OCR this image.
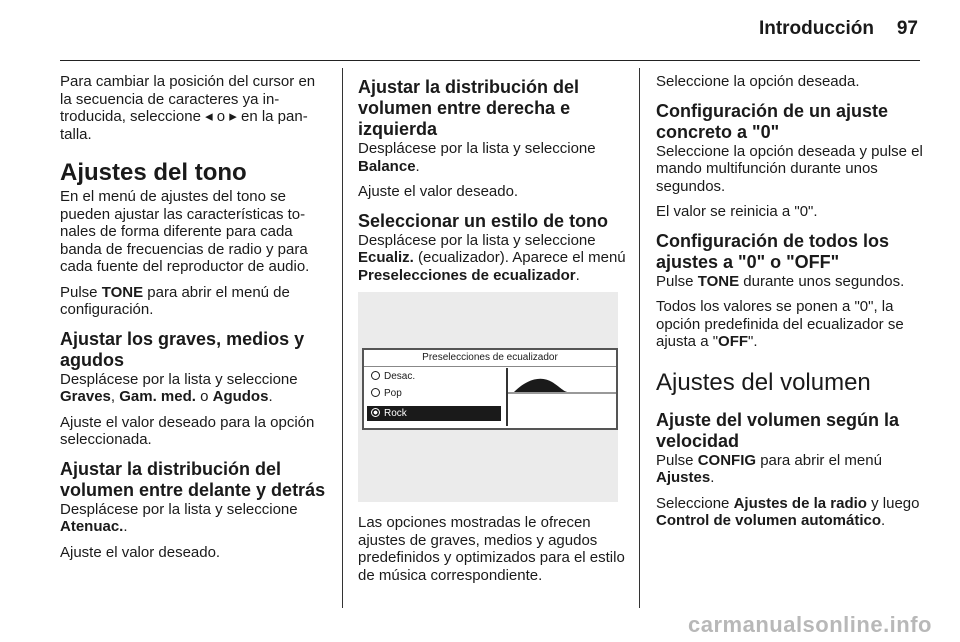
Introducción 97

Para cambiar la posición del cursor en la secuencia de caracteres ya introducida, seleccione ◂ o ▸ en la pantalla.

Ajustes del tono

En el menú de ajustes del tono se pueden ajustar las características tonales de forma diferente para cada banda de frecuencias de radio y para cada fuente del reproductor de audio.

Pulse TONE para abrir el menú de configuración.

Ajustar los graves, medios y agudos

Desplácese por la lista y seleccione Graves, Gam. med. o Agudos.

Ajuste el valor deseado para la opción seleccionada.

Ajustar la distribución del volumen entre delante y detrás

Desplácese por la lista y seleccione Atenuac..

Ajuste el valor deseado.

Ajustar la distribución del volumen entre derecha e izquierda

Desplácese por la lista y seleccione Balance.

Ajuste el valor deseado.

Seleccionar un estilo de tono

Desplácese por la lista y seleccione Ecualiz. (ecualizador). Aparece el menú Preselecciones de ecualizador.

Preselecciones de ecualizador
Desac.
Pop
Rock

Las opciones mostradas le ofrecen ajustes de graves, medios y agudos predefinidos y optimizados para el estilo de música correspondiente.

Seleccione la opción deseada.

Configuración de un ajuste concreto a "0"

Seleccione la opción deseada y pulse el mando multifunción durante unos segundos.

El valor se reinicia a "0".

Configuración de todos los ajustes a "0" o "OFF"

Pulse TONE durante unos segundos.

Todos los valores se ponen a "0", la opción predefinida del ecualizador se ajusta a "OFF".

Ajustes del volumen
Ajuste del volumen según la velocidad

Pulse CONFIG para abrir el menú Ajustes.

Seleccione Ajustes de la radio y luego Control de volumen automático.

carmanualsonline.info
